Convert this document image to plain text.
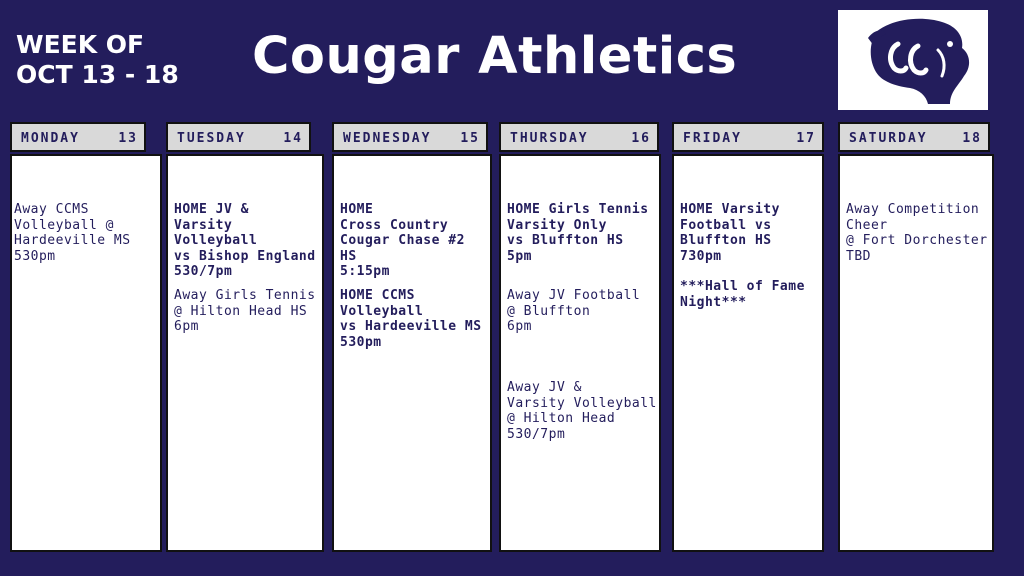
WEEK OF
OCT 13 - 18 Cougar Athletics
MONDAY	13
Away CCMS
Volleyball @
Hardeeville MS
530pm
TUESDAY	14
HOME JV &
Varsity Volleyball
vs Bishop England
530/7pm
Away Girls Tennis
@ Hilton Head HS
6pm
WEDNESDAY 15
HOME
Cross Country
Cougar Chase #2
HS
5:15pm
HOME CCMS
Volleyball
vs Hardeeville MS
530pm
THURSDAY	16
HOME Girls Tennis
Varsity Only
vs Bluffton HS
5pm
Away JV Football
@ Bluffton
6pm
Away JV &
Varsity Volleyball
@ Hilton Head
530/7pm
FRIDAY	17
HOME Varsity
Football vs
Bluffton HS
730pm
***Hall of Fame
Night***
SATURDAY	18
Away Competition
Cheer
@ Fort Dorchester
TBD
